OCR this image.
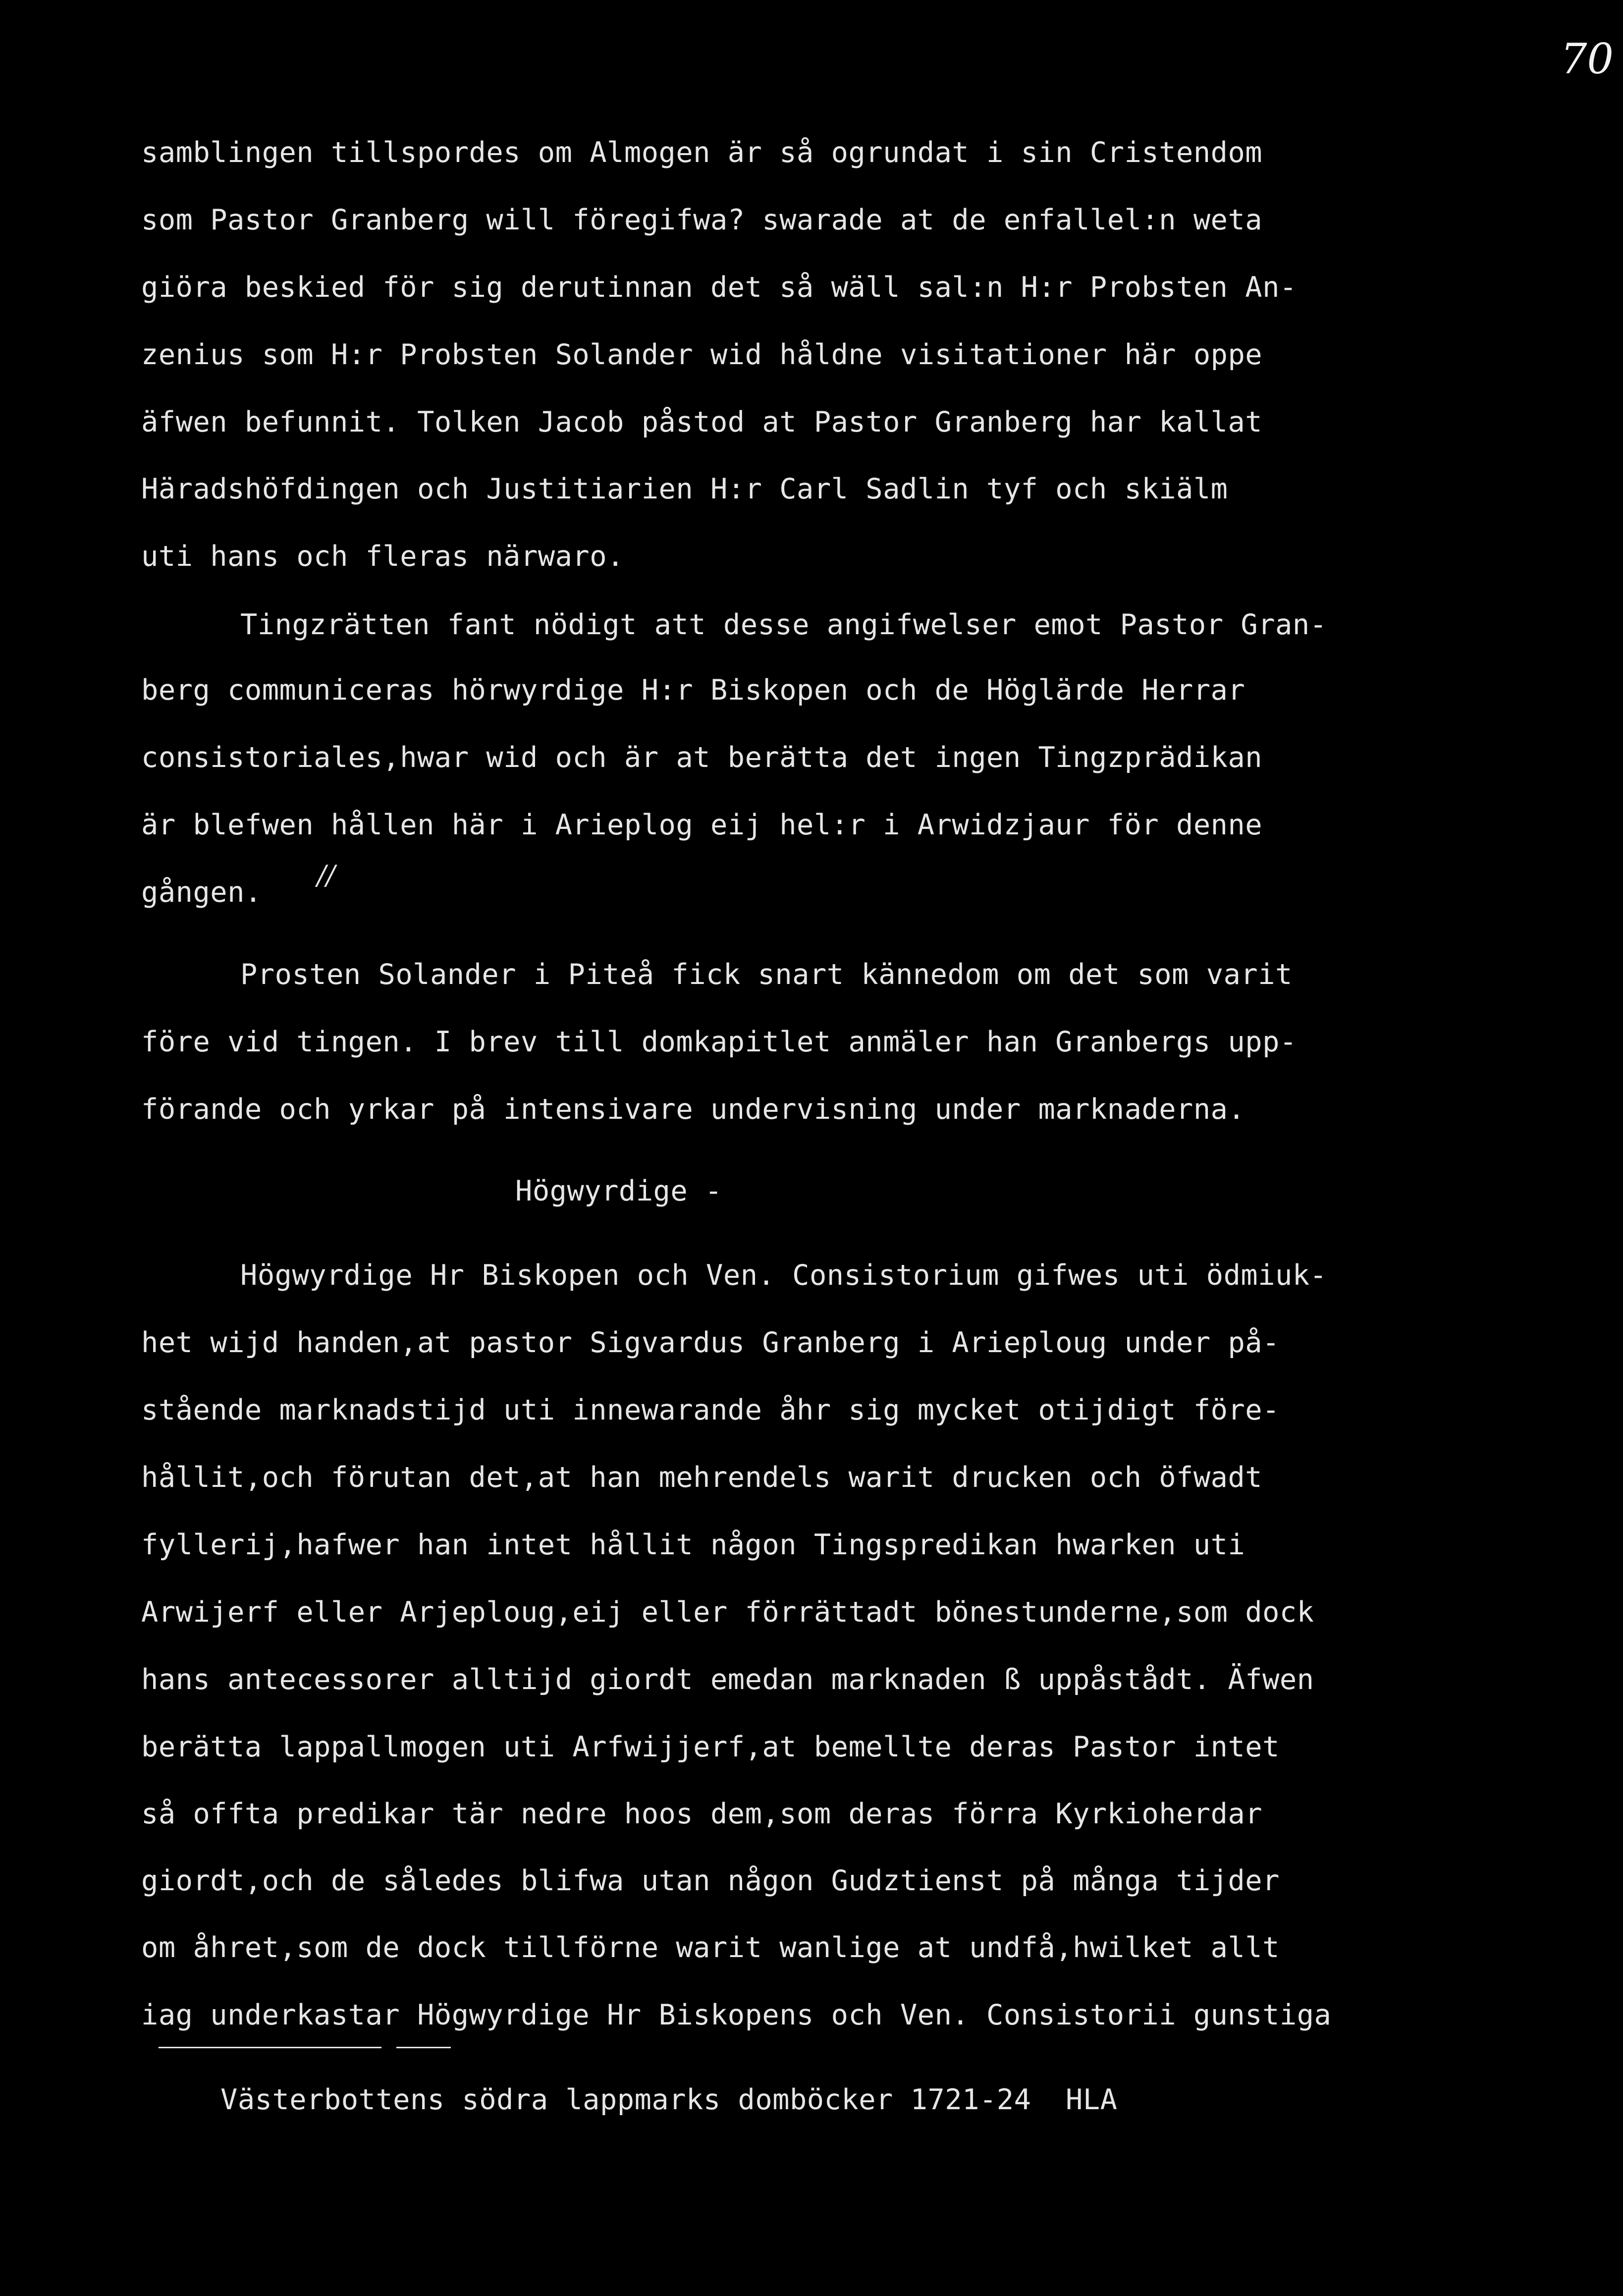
70
samblingen tillspordes om Almogen är så ogrundat i sin Cristendom
som Pastor Granberg will föregifwa? swarade at de enfallel:n weta
giöra beskied för sig derutinnan det så wäll sal:n H:r Probsten An-
zenius som H:r Probsten Solander wid håldne visitationer här oppe
äfwen befunnit. Tolken Jacob påstod at Pastor Granberg har kallat
Häradshöfdingen och Justitiarien H:r Carl Sadlin tyf och skiälm
uti hans och fleras närwaro.
Tingzrätten fant nödigt att desse angifwelser emot Pastor Gran-
berg communiceras hörwyrdige H:r Biskopen och de Höglärde Herrar
consistoriales,hwar wid och är at berätta det ingen Tingzprädikan
är blefwen hållen här i Arieplog eij hel:r i Arwidzjaur för denne
gången.
//
Prosten Solander i Piteå fick snart kännedom om det som varit
före vid tingen. I brev till domkapitlet anmäler han Granbergs upp-
förande och yrkar på intensivare undervisning under marknaderna.
Högwyrdige -
Högwyrdige Hr Biskopen och Ven. Consistorium gifwes uti ödmiuk-
het wijd handen,at pastor Sigvardus Granberg i Arieploug under på-
stående marknadstijd uti innewarande åhr sig mycket otijdigt före-
hållit,och förutan det,at han mehrendels warit drucken och öfwadt
fyllerij,hafwer han intet hållit någon Tingspredikan hwarken uti
Arwijerf eller Arjeploug,eij eller förrättadt bönestunderne,som dock
hans antecessorer alltijd giordt emedan marknaden ß uppåstådt. Äfwen
berätta lappallmogen uti Arfwijjerf,at bemellte deras Pastor intet
så offta predikar tär nedre hoos dem,som deras förra Kyrkioherdar
giordt,och de således blifwa utan någon Gudztienst på många tijder
om åhret,som de dock tillförne warit wanlige at undfå,hwilket allt
iag underkastar Högwyrdige Hr Biskopens och Ven. Consistorii gunstiga
Västerbottens södra lappmarks domböcker 1721-24  HLA
